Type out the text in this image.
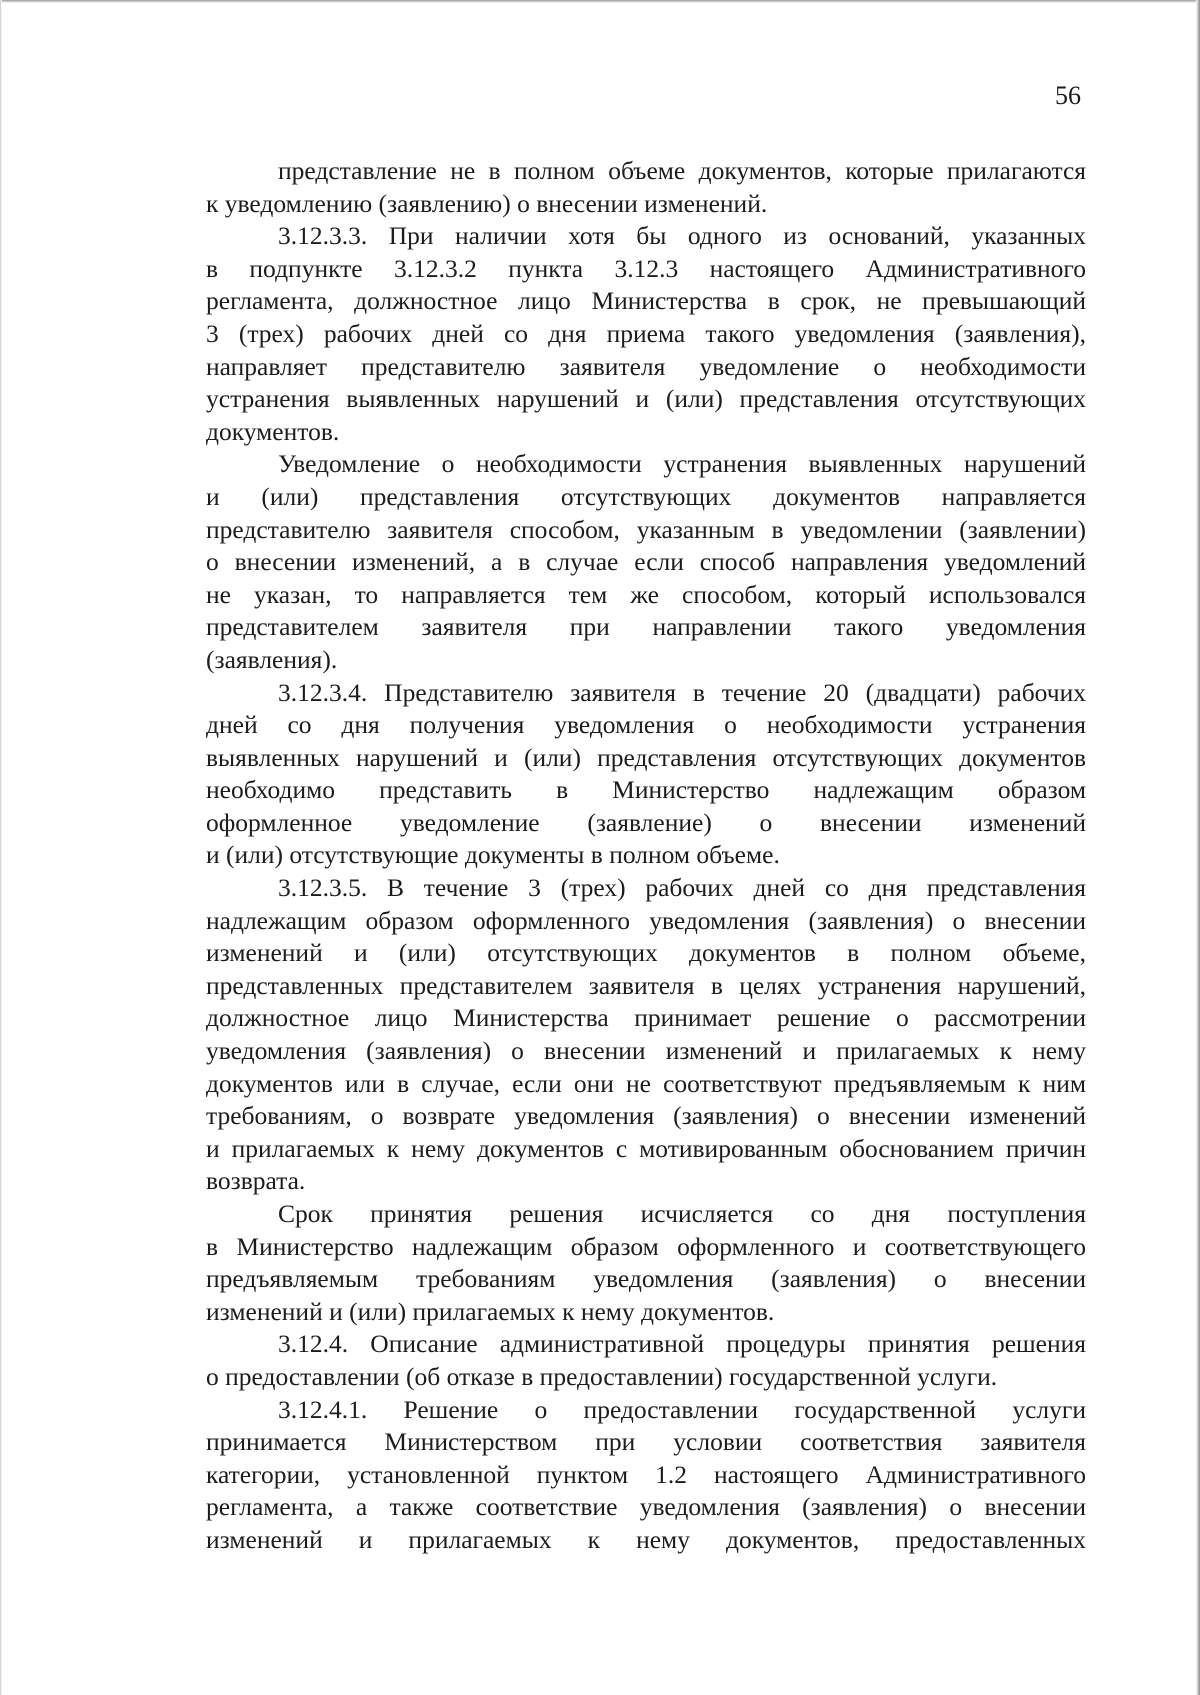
56
представление не в полном объеме документов, которые прилагаются
к уведомлению (заявлению) о внесении изменений.
3.12.3.3. При наличии хотя бы одного из оснований, указанных
в подпункте 3.12.3.2 пункта 3.12.3 настоящего Административного
регламента, должностное лицо Министерства в срок, не превышающий
3 (трех) рабочих дней со дня приема такого уведомления (заявления),
направляет представителю заявителя уведомление о необходимости
устранения выявленных нарушений и (или) представления отсутствующих
документов.
Уведомление о необходимости устранения выявленных нарушений
и (или) представления отсутствующих документов направляется
представителю заявителя способом, указанным в уведомлении (заявлении)
о внесении изменений, а в случае если способ направления уведомлений
не указан, то направляется тем же способом, который использовался
представителем заявителя при направлении такого уведомления
(заявления).
3.12.3.4. Представителю заявителя в течение 20 (двадцати) рабочих
дней со дня получения уведомления о необходимости устранения
выявленных нарушений и (или) представления отсутствующих документов
необходимо представить в Министерство надлежащим образом
оформленное уведомление (заявление) о внесении изменений
и (или) отсутствующие документы в полном объеме.
3.12.3.5. В течение 3 (трех) рабочих дней со дня представления
надлежащим образом оформленного уведомления (заявления) о внесении
изменений и (или) отсутствующих документов в полном объеме,
представленных представителем заявителя в целях устранения нарушений,
должностное лицо Министерства принимает решение о рассмотрении
уведомления (заявления) о внесении изменений и прилагаемых к нему
документов или в случае, если они не соответствуют предъявляемым к ним
требованиям, о возврате уведомления (заявления) о внесении изменений
и прилагаемых к нему документов с мотивированным обоснованием причин
возврата.
Срок принятия решения исчисляется со дня поступления
в Министерство надлежащим образом оформленного и соответствующего
предъявляемым требованиям уведомления (заявления) о внесении
изменений и (или) прилагаемых к нему документов.
3.12.4. Описание административной процедуры принятия решения
о предоставлении (об отказе в предоставлении) государственной услуги.
3.12.4.1. Решение о предоставлении государственной услуги
принимается Министерством при условии соответствия заявителя
категории, установленной пунктом 1.2 настоящего Административного
регламента, а также соответствие уведомления (заявления) о внесении
изменений и прилагаемых к нему документов, предоставленных
